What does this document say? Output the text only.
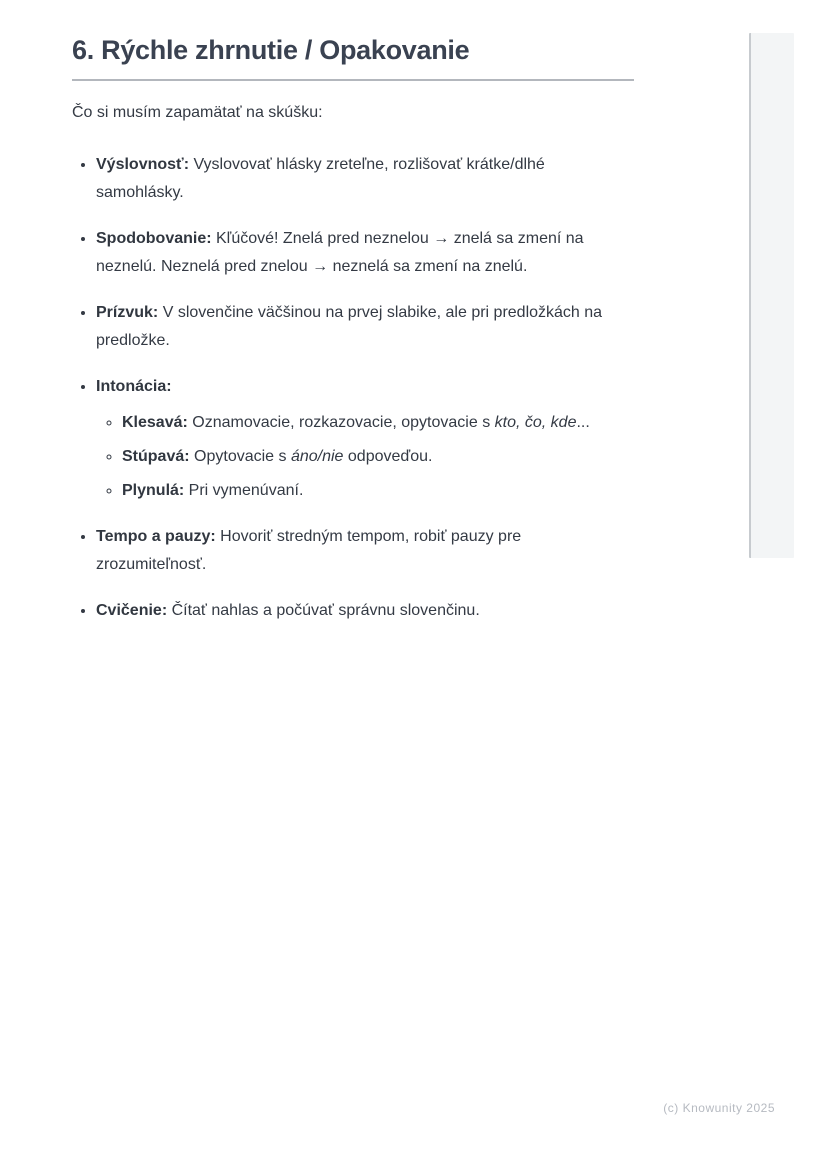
6. Rýchle zhrnutie / Opakovanie

Čo si musím zapamätať na skúšku:

• Výslovnosť: Vyslovovať hlásky zreteľne, rozlišovať krátke/dlhé samohlásky.
• Spodobovanie: Kľúčové! Znelá pred neznelou → znelá sa zmení na neznelú. Neznelá pred znelou → neznelá sa zmení na znelú.
• Prízvuk: V slovenčine väčšinou na prvej slabike, ale pri predložkách na predložke.
• Intonácia:
◦ Klesavá: Oznamovacie, rozkazovacie, opytovacie s kto, čo, kde...
◦ Stúpavá: Opytovacie s áno/nie odpoveďou.
◦ Plynulá: Pri vymenúvaní.
• Tempo a pauzy: Hovoriť stredným tempom, robiť pauzy pre zrozumiteľnosť.
• Cvičenie: Čítať nahlas a počúvať správnu slovenčinu.
(c) Knowunity 2025
